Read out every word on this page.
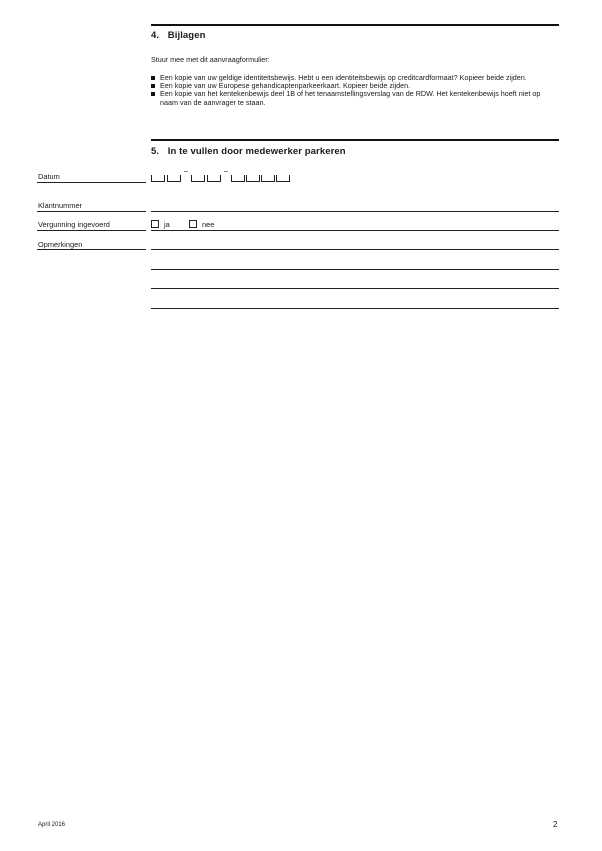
4. Bijlagen
Stuur mee met dit aanvraagformulier:
Een kopie van uw geldige identiteitsbewijs. Hebt u een identiteitsbewijs op creditcardformaat? Kopieer beide zijden.
Een kopie van uw Europese gehandicaptenparkeerkaart. Kopieer beide zijden.
Een kopie van het kentekenbewijs deel 1B of het tenaamstellingsverslag van de RDW. Het kentekenbewijs hoeft niet op naam van de aanvrager te staan.
5. In te vullen door medewerker parkeren
Datum
–	–
Klantnummer
Vergunning ingevoerd	ja	nee
Opmerkingen
April 2016	2
